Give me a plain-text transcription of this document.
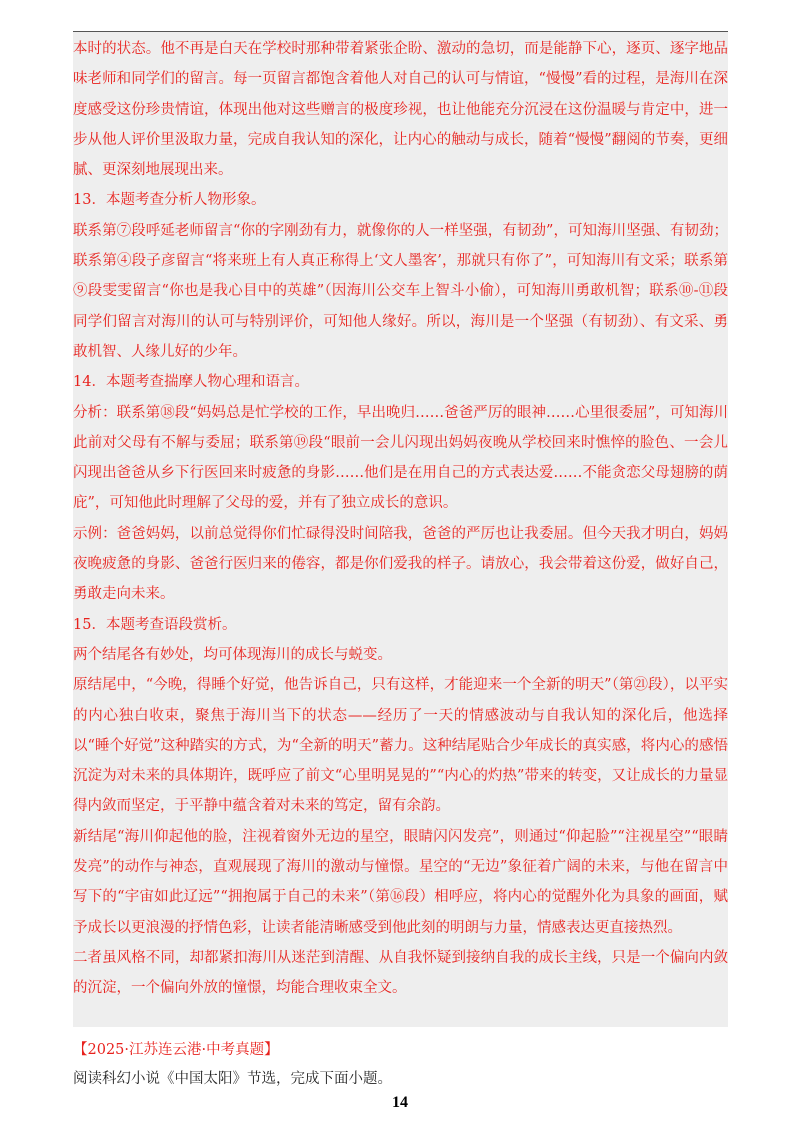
本时的状态。他不再是白天在学校时那种带着紧张企盼、激动的急切，而是能静下心，逐页、逐字地品味老师和同学们的留言。每一页留言都饱含着他人对自己的认可与情谊，“慢慢”看的过程，是海川在深度感受这份珍贵情谊，体现出他对这些赠言的极度珍视，也让他能充分沉浸在这份温暖与肯定中，进一步从他人评价里汲取力量，完成自我认知的深化，让内心的触动与成长，随着“慢慢”翻阅的节奏，更细腻、更深刻地展现出来。

13．本题考查分析人物形象。

联系第⑦段呼延老师留言“你的字刚劲有力，就像你的人一样坚强，有韧劲”，可知海川坚强、有韧劲；联系第④段子彦留言“将来班上有人真正称得上‘文人墨客’，那就只有你了”，可知海川有文采；联系第⑨段雯雯留言“你也是我心目中的英雄”（因海川公交车上智斗小偷），可知海川勇敢机智；联系⑩-⑪段同学们留言对海川的认可与特别评价，可知他人缘好。所以，海川是一个坚强（有韧劲）、有文采、勇敢机智、人缘儿好的少年。

14．本题考查揣摩人物心理和语言。

分析：联系第⑱段“妈妈总是忙学校的工作，早出晚归……爸爸严厉的眼神……心里很委屈”，可知海川此前对父母有不解与委屈；联系第⑲段“眼前一会儿闪现出妈妈夜晚从学校回来时憔悴的脸色、一会儿闪现出爸爸从乡下行医回来时疲惫的身影……他们是在用自己的方式表达爱……不能贪恋父母翅膀的荫庇”，可知他此时理解了父母的爱，并有了独立成长的意识。

示例：爸爸妈妈，以前总觉得你们忙碌得没时间陪我，爸爸的严厉也让我委屈。但今天我才明白，妈妈夜晚疲惫的身影、爸爸行医归来的倦容，都是你们爱我的样子。请放心，我会带着这份爱，做好自己，勇敢走向未来。

15．本题考查语段赏析。

两个结尾各有妙处，均可体现海川的成长与蜕变。

原结尾中，“今晚，得睡个好觉，他告诉自己，只有这样，才能迎来一个全新的明天”（第㉑段），以平实的内心独白收束，聚焦于海川当下的状态——经历了一天的情感波动与自我认知的深化后，他选择以“睡个好觉”这种踏实的方式，为“全新的明天”蓄力。这种结尾贴合少年成长的真实感，将内心的感悟沉淀为对未来的具体期许，既呼应了前文“心里明晃晃的”“内心的灼热”带来的转变，又让成长的力量显得内敛而坚定，于平静中蕴含着对未来的笃定，留有余韵。

新结尾“海川仰起他的脸，注视着窗外无边的星空，眼睛闪闪发亮”，则通过“仰起脸”“注视星空”“眼睛发亮”的动作与神态，直观展现了海川的激动与憧憬。星空的“无边”象征着广阔的未来，与他在留言中写下的“宇宙如此辽远”“拥抱属于自己的未来”（第⑯段）相呼应，将内心的觉醒外化为具象的画面，赋予成长以更浪漫的抒情色彩，让读者能清晰感受到他此刻的明朗与力量，情感表达更直接热烈。

二者虽风格不同，却都紧扣海川从迷茫到清醒、从自我怀疑到接纳自我的成长主线，只是一个偏向内敛的沉淀，一个偏向外放的憧憬，均能合理收束全文。

【2025·江苏连云港·中考真题】

阅读科幻小说《中国太阳》节选，完成下面小题。

14
